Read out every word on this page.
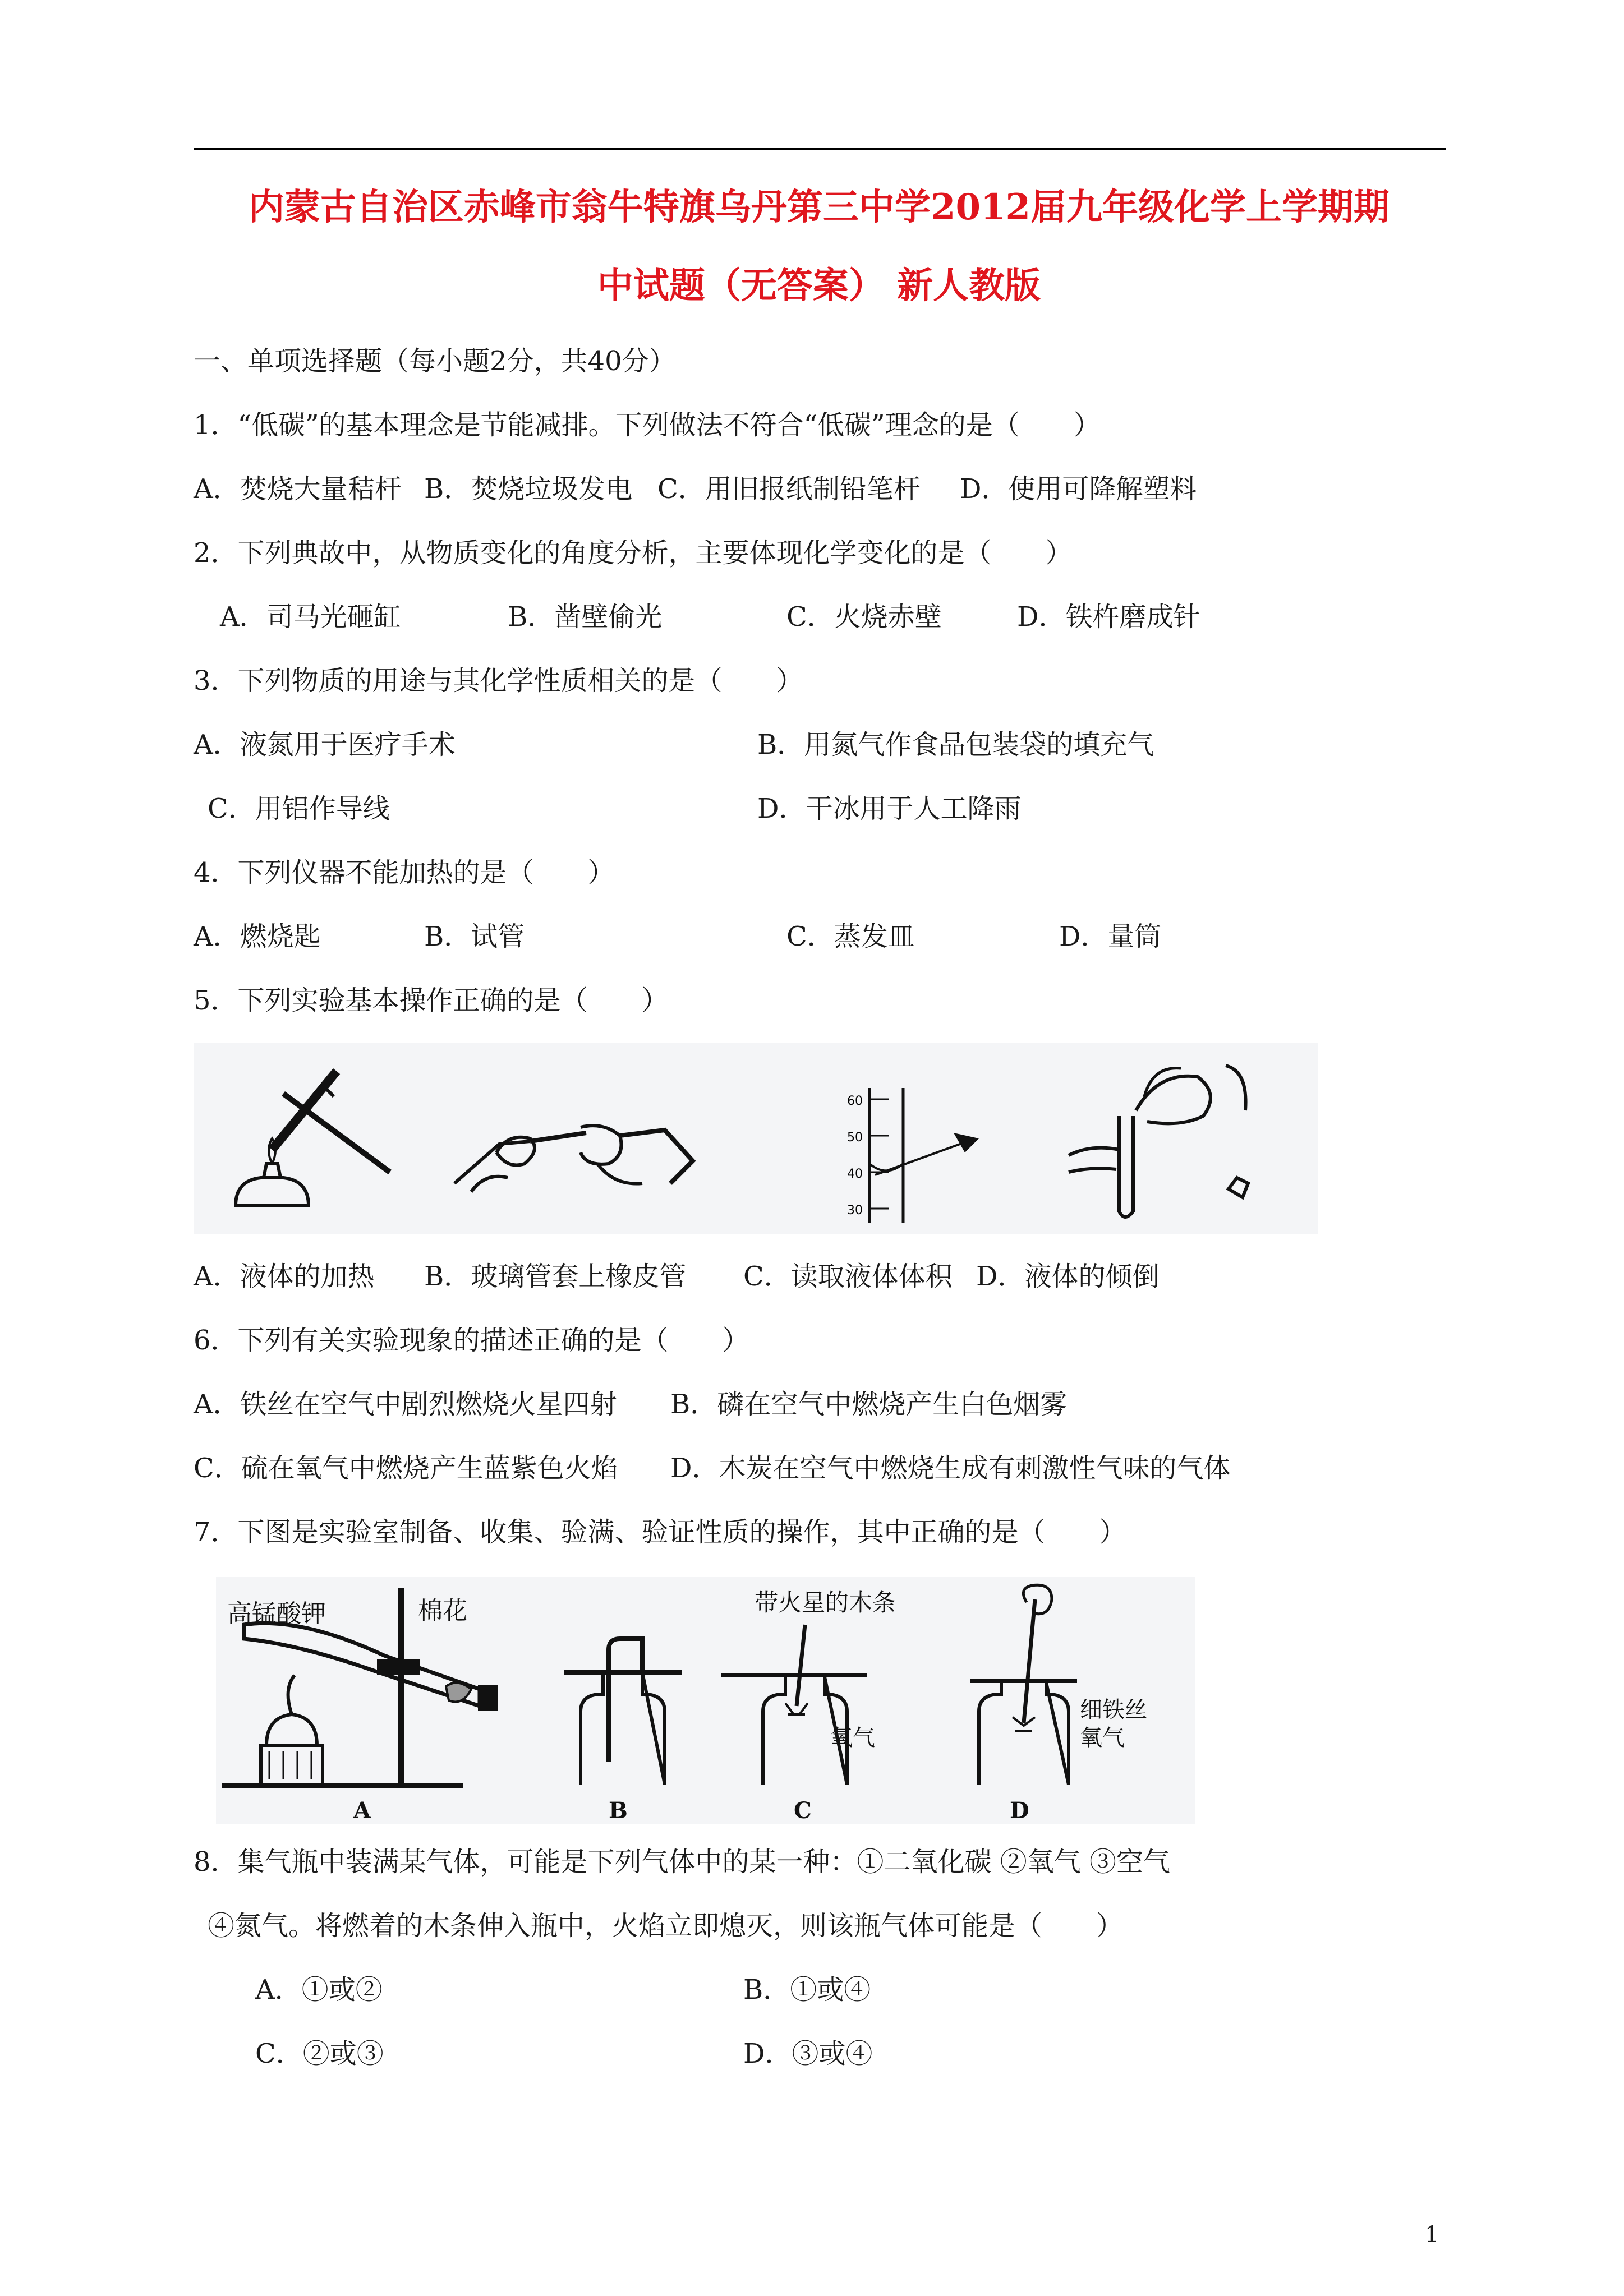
内蒙古自治区赤峰市翁牛特旗乌丹第三中学2012届九年级化学上学期期
中试题（无答案） 新人教版
一、单项选择题（每小题2分，共40分）
1．“低碳”的基本理念是节能减排。下列做法不符合“低碳”理念的是（　　）
A．焚烧大量秸杆 B．焚烧垃圾发电 C．用旧报纸制铅笔杆 D．使用可降解塑料
2．下列典故中，从物质变化的角度分析，主要体现化学变化的是（　　）
A．司马光砸缸	B．凿壁偷光	C．火烧赤壁	D．铁杵磨成针
3．下列物质的用途与其化学性质相关的是（　　）
A．液氮用于医疗手术	B．用氮气作食品包装袋的填充气
C．用铝作导线	D．干冰用于人工降雨
4．下列仪器不能加热的是（　　）
A．燃烧匙	B．试管	C．蒸发皿	D．量筒
5．下列实验基本操作正确的是（　　）
60
50
40
30
A．液体的加热 B．玻璃管套上橡皮管 C．读取液体体积 D．液体的倾倒
6．下列有关实验现象的描述正确的是（　　）
A．铁丝在空气中剧烈燃烧火星四射 B．磷在空气中燃烧产生白色烟雾
C．硫在氧气中燃烧产生蓝紫色火焰 D．木炭在空气中燃烧生成有刺激性气味的气体
7．下图是实验室制备、收集、验满、验证性质的操作，其中正确的是（　　）
高锰酸钾	棉花
A	B
带火星的木条
氧气
C
细铁丝
氧气
D
8．集气瓶中装满某气体，可能是下列气体中的某一种：①二氧化碳 ②氧气 ③空气
④氮气。将燃着的木条伸入瓶中，火焰立即熄灭，则该瓶气体可能是（　　）
A．①或②	B．①或④
C．②或③	D．③或④
1
